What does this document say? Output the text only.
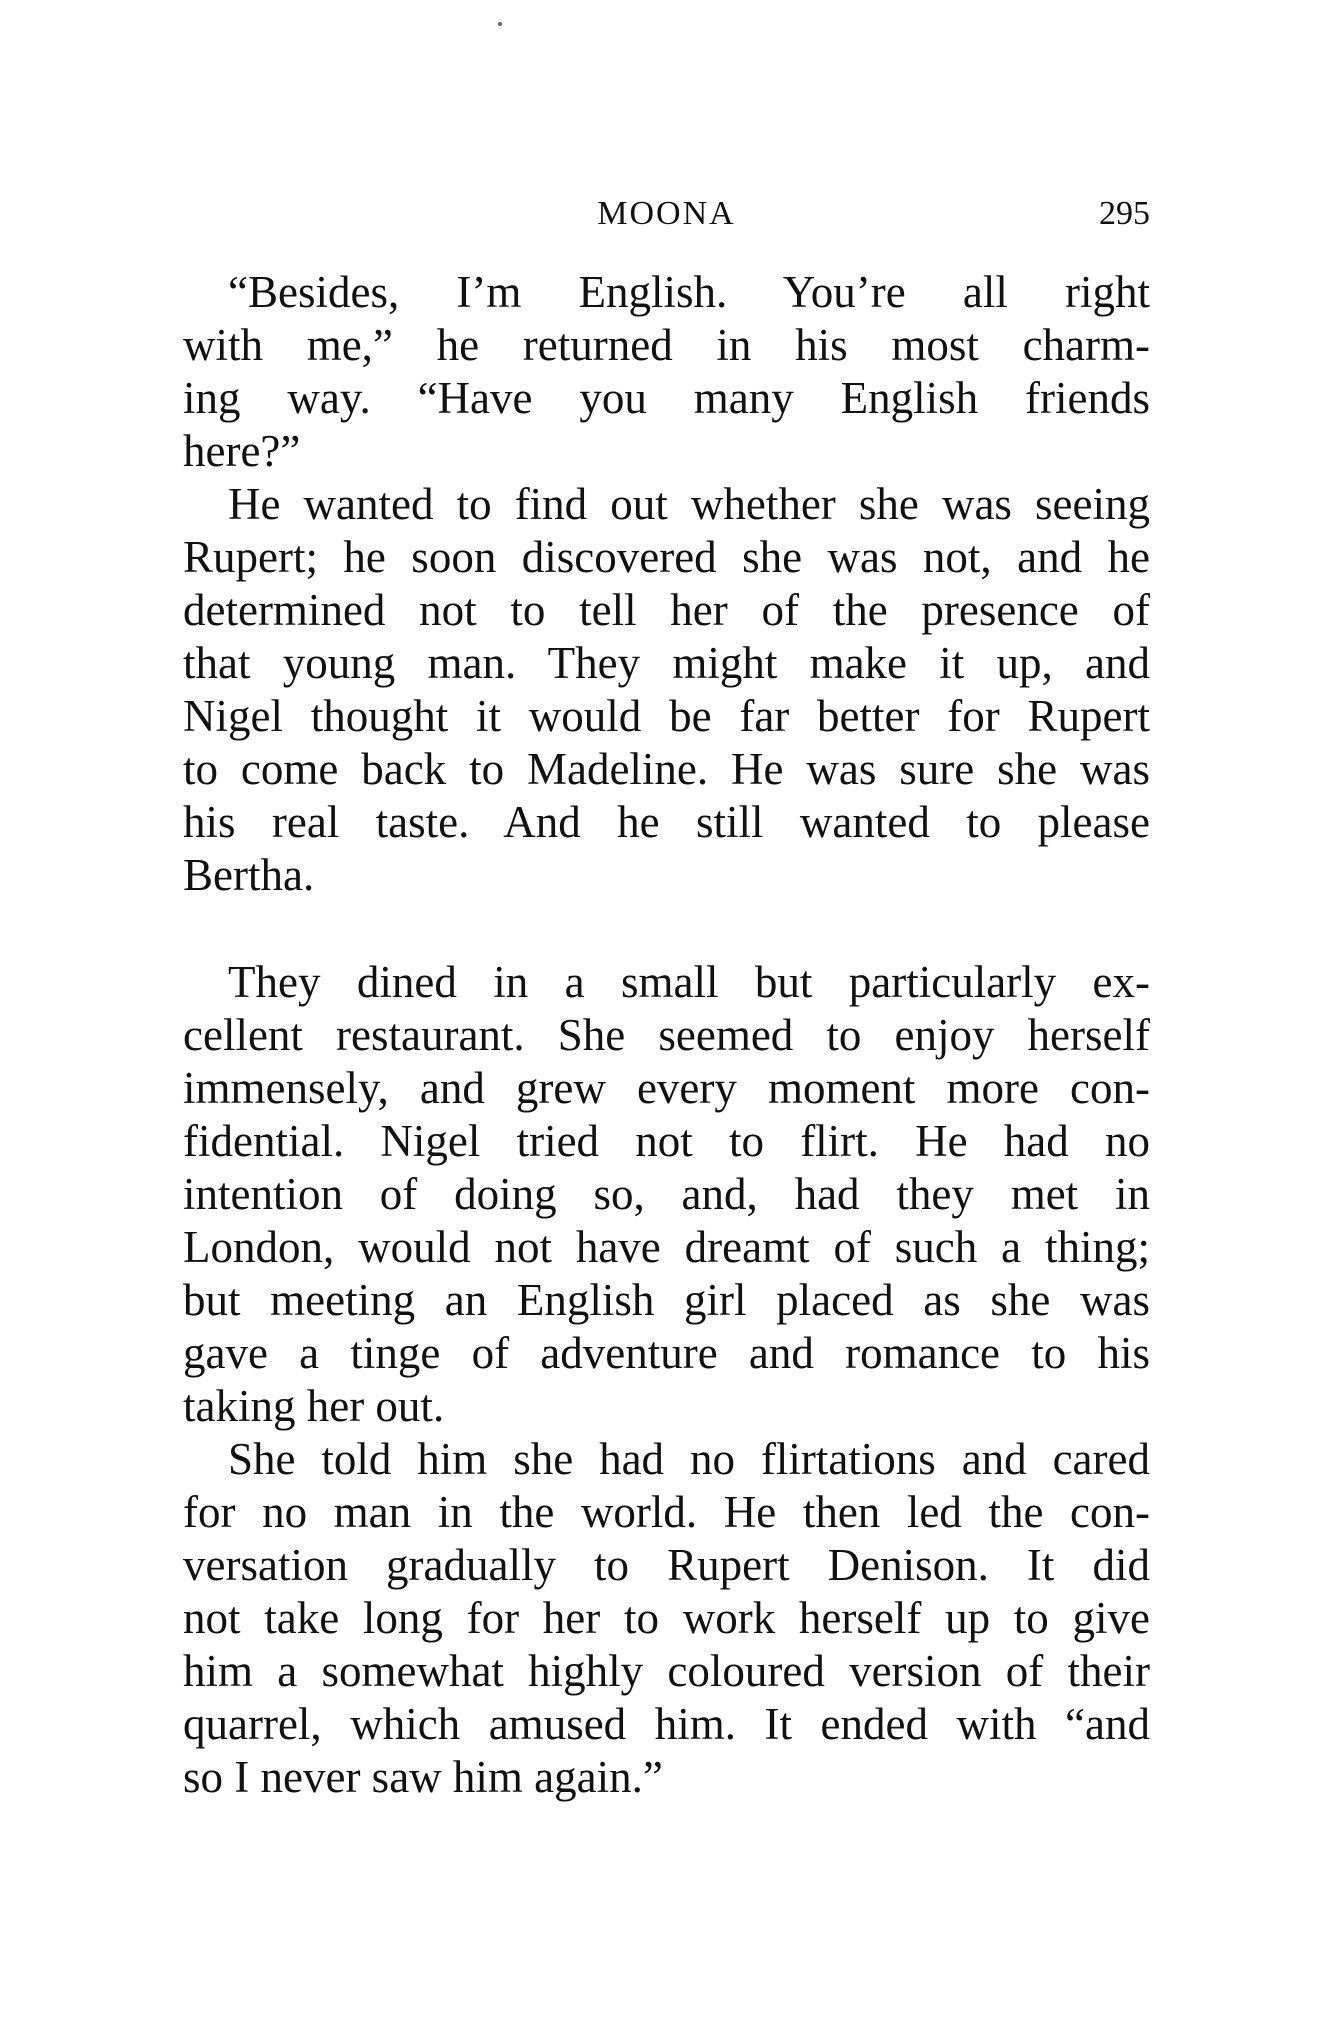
MOONA	295
“Besides, I’m English. You’re all right
with me,” he returned in his most charm-
ing way. “Have you many English friends
here?”
He wanted to find out whether she was seeing
Rupert; he soon discovered she was not, and he
determined not to tell her of the presence of
that young man. They might make it up, and
Nigel thought it would be far better for Rupert
to come back to Madeline. He was sure she was
his real taste. And he still wanted to please
Bertha.
They dined in a small but particularly ex-
cellent restaurant. She seemed to enjoy herself
immensely, and grew every moment more con-
fidential. Nigel tried not to flirt. He had no
intention of doing so, and, had they met in
London, would not have dreamt of such a thing;
but meeting an English girl placed as she was
gave a tinge of adventure and romance to his
taking her out.
She told him she had no flirtations and cared
for no man in the world. He then led the con-
versation gradually to Rupert Denison. It did
not take long for her to work herself up to give
him a somewhat highly coloured version of their
quarrel, which amused him. It ended with “and
so I never saw him again.”
